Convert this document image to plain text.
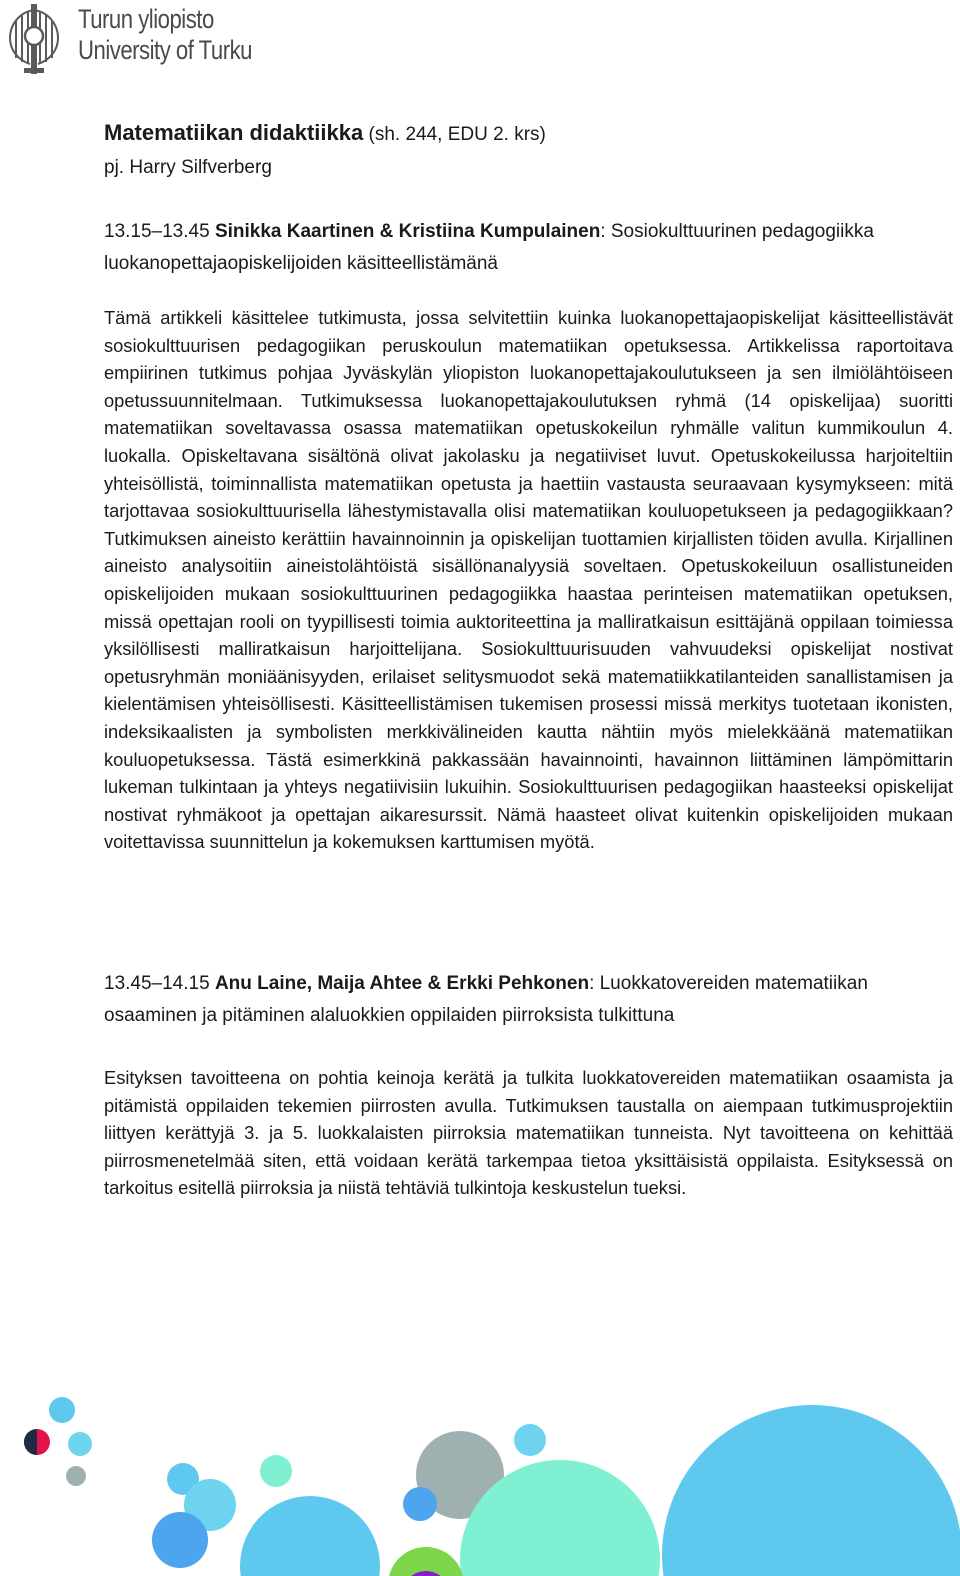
Turun yliopisto
University of Turku

Matematiikan didaktiikka (sh. 244, EDU 2. krs)

pj. Harry Silfverberg

13.15–13.45 Sinikka Kaartinen & Kristiina Kumpulainen: Sosiokulttuurinen pedagogiikka luokanopettajaopiskelijoiden käsitteellistämänä

Tämä artikkeli käsittelee tutkimusta, jossa selvitettiin kuinka luokanopettajaopiskelijat käsitteellistävät sosiokulttuurisen pedagogiikan peruskoulun matematiikan opetuksessa. Artikkelissa raportoitava empiirinen tutkimus pohjaa Jyväskylän yliopiston luokanopettajakoulutukseen ja sen ilmiölähtöiseen opetussuunnitelmaan. Tutkimuksessa luokanopettajakoulutuksen ryhmä (14 opiskelijaa) suoritti matematiikan soveltavassa osassa matematiikan opetuskokeilun ryhmälle valitun kummikoulun 4. luokalla. Opiskeltavana sisältönä olivat jakolasku ja negatiiviset luvut. Opetuskokeilussa harjoiteltiin yhteisöllistä, toiminnallista matematiikan opetusta ja haettiin vastausta seuraavaan kysymykseen: mitä tarjottavaa sosiokulttuurisella lähestymistavalla olisi matematiikan kouluopetukseen ja pedagogiikkaan? Tutkimuksen aineisto kerättiin havainnoinnin ja opiskelijan tuottamien kirjallisten töiden avulla. Kirjallinen aineisto analysoitiin aineistolähtöistä sisällönanalyysiä soveltaen. Opetuskokeiluun osallistuneiden opiskelijoiden mukaan sosiokulttuurinen pedagogiikka haastaa perinteisen matematiikan opetuksen, missä opettajan rooli on tyypillisesti toimia auktoriteettina ja malliratkaisun esittäjänä oppilaan toimiessa yksilöllisesti malliratkaisun harjoittelijana. Sosiokulttuurisuuden vahvuudeksi opiskelijat nostivat opetusryhmän moniäänisyyden, erilaiset selitysmuodot sekä matematiikkatilanteiden sanallistamisen ja kielentämisen yhteisöllisesti. Käsitteellistämisen tukemisen prosessi missä merkitys tuotetaan ikonisten, indeksikaalisten ja symbolisten merkkivälineiden kautta nähtiin myös mielekkäänä matematiikan kouluopetuksessa. Tästä esimerkkinä pakkassään havainnointi, havainnon liittäminen lämpömittarin lukeman tulkintaan ja yhteys negatiivisiin lukuihin. Sosiokulttuurisen pedagogiikan haasteeksi opiskelijat nostivat ryhmäkoot ja opettajan aikaresurssit. Nämä haasteet olivat kuitenkin opiskelijoiden mukaan voitettavissa suunnittelun ja kokemuksen karttumisen myötä.

13.45–14.15 Anu Laine, Maija Ahtee & Erkki Pehkonen: Luokkatovereiden matematiikan osaaminen ja pitäminen alaluokkien oppilaiden piirroksista tulkittuna

Esityksen tavoitteena on pohtia keinoja kerätä ja tulkita luokkatovereiden matematiikan osaamista ja pitämistä oppilaiden tekemien piirrosten avulla. Tutkimuksen taustalla on aiempaan tutkimusprojektiin liittyen kerättyjä 3. ja 5. luokkalaisten piirroksia matematiikan tunneista. Nyt tavoitteena on kehittää piirrosmenetelmää siten, että voidaan kerätä tarkempaa tietoa yksittäisistä oppilaista. Esityksessä on tarkoitus esitellä piirroksia ja niistä tehtäviä tulkintoja keskustelun tueksi.
